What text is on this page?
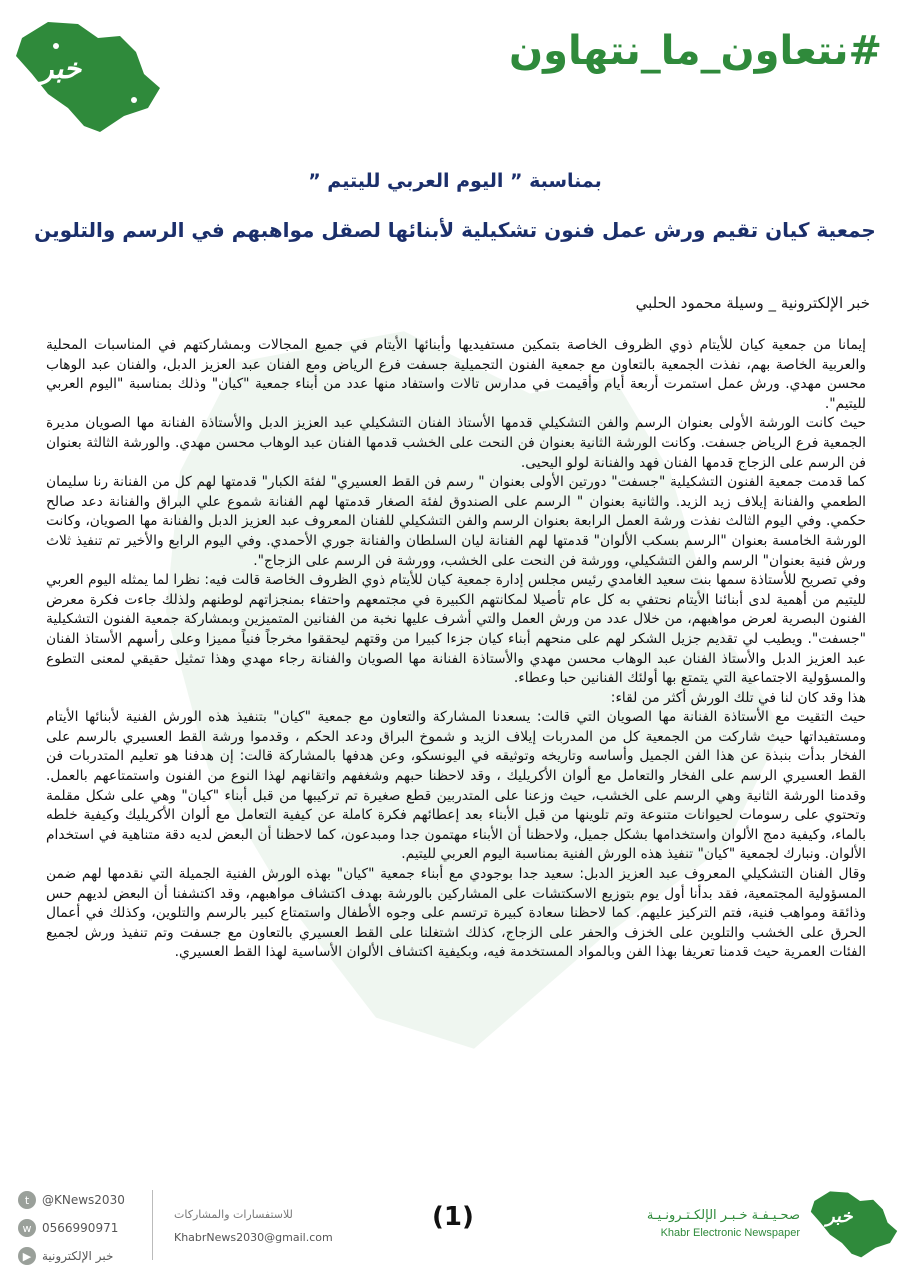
خبر	#نتعاون_ما_نتهاون
بمناسبة ” اليوم العربي لليتيم ”
جمعية كيان تقيم ورش عمل فنون تشكيلية لأبنائها لصقل مواهبهم في الرسم والتلوين
خبر الإلكترونية _ وسيلة محمود الحلبي

إيمانا من جمعية كيان للأيتام ذوي الظروف الخاصة بتمكين مستفيديها وأبنائها الأيتام في جميع المجالات وبمشاركتهم في المناسبات المحلية والعربية الخاصة بهم، نفذت الجمعية بالتعاون مع جمعية الفنون التجميلية جسفت فرع الرياض ومع الفنان عبد العزيز الدبل، والفنان عبد الوهاب محسن مهدي. ورش عمل استمرت أربعة أيام وأقيمت في مدارس تالات واستفاد منها عدد من أبناء جمعية "كيان" وذلك بمناسبة "اليوم العربي لليتيم".

حيث كانت الورشة الأولى بعنوان الرسم والفن التشكيلي قدمها الأستاذ الفنان التشكيلي عبد العزيز الدبل والأستاذة الفنانة مها الصويان مديرة الجمعية فرع الرياض جسفت. وكانت الورشة الثانية بعنوان فن النحت على الخشب قدمها الفنان عبد الوهاب محسن مهدي. والورشة الثالثة بعنوان فن الرسم على الزجاج قدمها الفنان فهد والفنانة لولو اليحيى.

كما قدمت جمعية الفنون التشكيلية "جسفت" دورتين الأولى بعنوان " رسم فن القط العسيري" لفئة الكبار" قدمتها لهم كل من الفنانة رنا سليمان الطعمي والفنانة إيلاف زيد الزيد. والثانية بعنوان " الرسم على الصندوق لفئة الصغار قدمتها لهم الفنانة شموع علي البراق والفنانة دعد صالح حكمي. وفي اليوم الثالث نفذت ورشة العمل الرابعة بعنوان الرسم والفن التشكيلي للفنان المعروف عبد العزيز الدبل والفنانة مها الصويان، وكانت الورشة الخامسة بعنوان "الرسم بسكب الألوان" قدمتها لهم الفنانة ليان السلطان والفنانة جوري الأحمدي. وفي اليوم الرابع والأخير تم تنفيذ ثلاث ورش فنية بعنوان" الرسم والفن التشكيلي، وورشة فن النحت على الخشب، وورشة فن الرسم على الزجاج".

وفي تصريح للأستاذة سمها بنت سعيد الغامدي رئيس مجلس إدارة جمعية كيان للأيتام ذوي الظروف الخاصة قالت فيه: نظرا لما يمثله اليوم العربي لليتيم من أهمية لدى أبنائنا الأيتام نحتفي به كل عام تأصيلا لمكانتهم الكبيرة في مجتمعهم واحتفاء بمنجزاتهم لوطنهم ولذلك جاءت فكرة معرض الفنون البصرية لعرض مواهبهم، من خلال عدد من ورش العمل والتي أشرف عليها نخبة من الفنانين المتميزين وبمشاركة جمعية الفنون التشكيلية "جسفت". ويطيب لي تقديم جزيل الشكر لهم على منحهم أبناء كيان جزءا كبيرا من وقتهم ليحققوا مخرجاً فنياً مميزا وعلى رأسهم الأستاذ الفنان عبد العزيز الدبل والأستاذ الفنان عبد الوهاب محسن مهدي والأستاذة الفنانة مها الصويان والفنانة رجاء مهدي وهذا تمثيل حقيقي لمعنى التطوع والمسؤولية الاجتماعية التي يتمتع بها أولئك الفنانين حبا وعطاء.

هذا وقد كان لنا في تلك الورش أكثر من لقاء:

حيث التقيت مع الأستاذة الفنانة مها الصويان التي قالت: يسعدنا المشاركة والتعاون مع جمعية "كيان" بتنفيذ هذه الورش الفنية لأبنائها الأيتام ومستفيداتها حيث شاركت من الجمعية كل من المدربات إيلاف الزيد و شموخ البراق ودعد الحكم ، وقدموا ورشة القط العسيري بالرسم على الفخار بدأت بنبذة عن هذا الفن الجميل وأساسه وتاريخه وتوثيقه في اليونسكو، وعن هدفها بالمشاركة قالت: إن هدفنا هو تعليم المتدربات فن القط العسيري الرسم على الفخار والتعامل مع ألوان الأكريليك ، وقد لاحظنا حبهم وشغفهم واتقانهم لهذا النوع من الفنون واستمتاعهم بالعمل. وقدمنا الورشة الثانية وهي الرسم على الخشب، حيث وزعنا على المتدربين قطع صغيرة تم تركيبها من قبل أبناء "كيان" وهي على شكل مقلمة وتحتوي على رسومات لحيوانات متنوعة وتم تلوينها من قبل الأبناء بعد إعطائهم فكرة كاملة عن كيفية التعامل مع ألوان الأكريليك وكيفية خلطه بالماء، وكيفية دمج الألوان واستخدامها بشكل جميل، ولاحظنا أن الأبناء مهتمون جدا ومبدعون، كما لاحظنا أن البعض لديه دقة متناهية في استخدام الألوان. ونبارك لجمعية "كيان" تنفيذ هذه الورش الفنية بمناسبة اليوم العربي لليتيم.

وقال الفنان التشكيلي المعروف عبد العزيز الدبل: سعيد جدا بوجودي مع أبناء جمعية "كيان" بهذه الورش الفنية الجميلة التي نقدمها لهم ضمن المسؤولية المجتمعية، فقد بدأنا أول يوم بتوزيع الاسكتشات على المشاركين بالورشة بهدف اكتشاف مواهبهم، وقد اكتشفنا أن البعض لديهم حس وذائقة ومواهب فنية، فتم التركيز عليهم. كما لاحظنا سعادة كبيرة ترتسم على وجوه الأطفال واستمتاع كبير بالرسم والتلوين، وكذلك في أعمال الحرق على الخشب والتلوين على الخزف والحفر على الزجاج، كذلك اشتغلنا على القط العسيري بالتعاون مع جسفت وتم تنفيذ ورش لجميع الفئات العمرية حيث قدمنا تعريفا بهذا الفن وبالمواد المستخدمة فيه، وبكيفية اكتشاف الألوان الأساسية لهذا القط العسيري.

t	@KNews2030
w 0566990971
▶ خبر الإلكترونية
للاستفسارات والمشاركات
KhabrNews2030@gmail.com
(1)	صحـيـفـة خـبـر الإلكـتـرونـيـة
Khabr Electronic Newspaper
خبر
